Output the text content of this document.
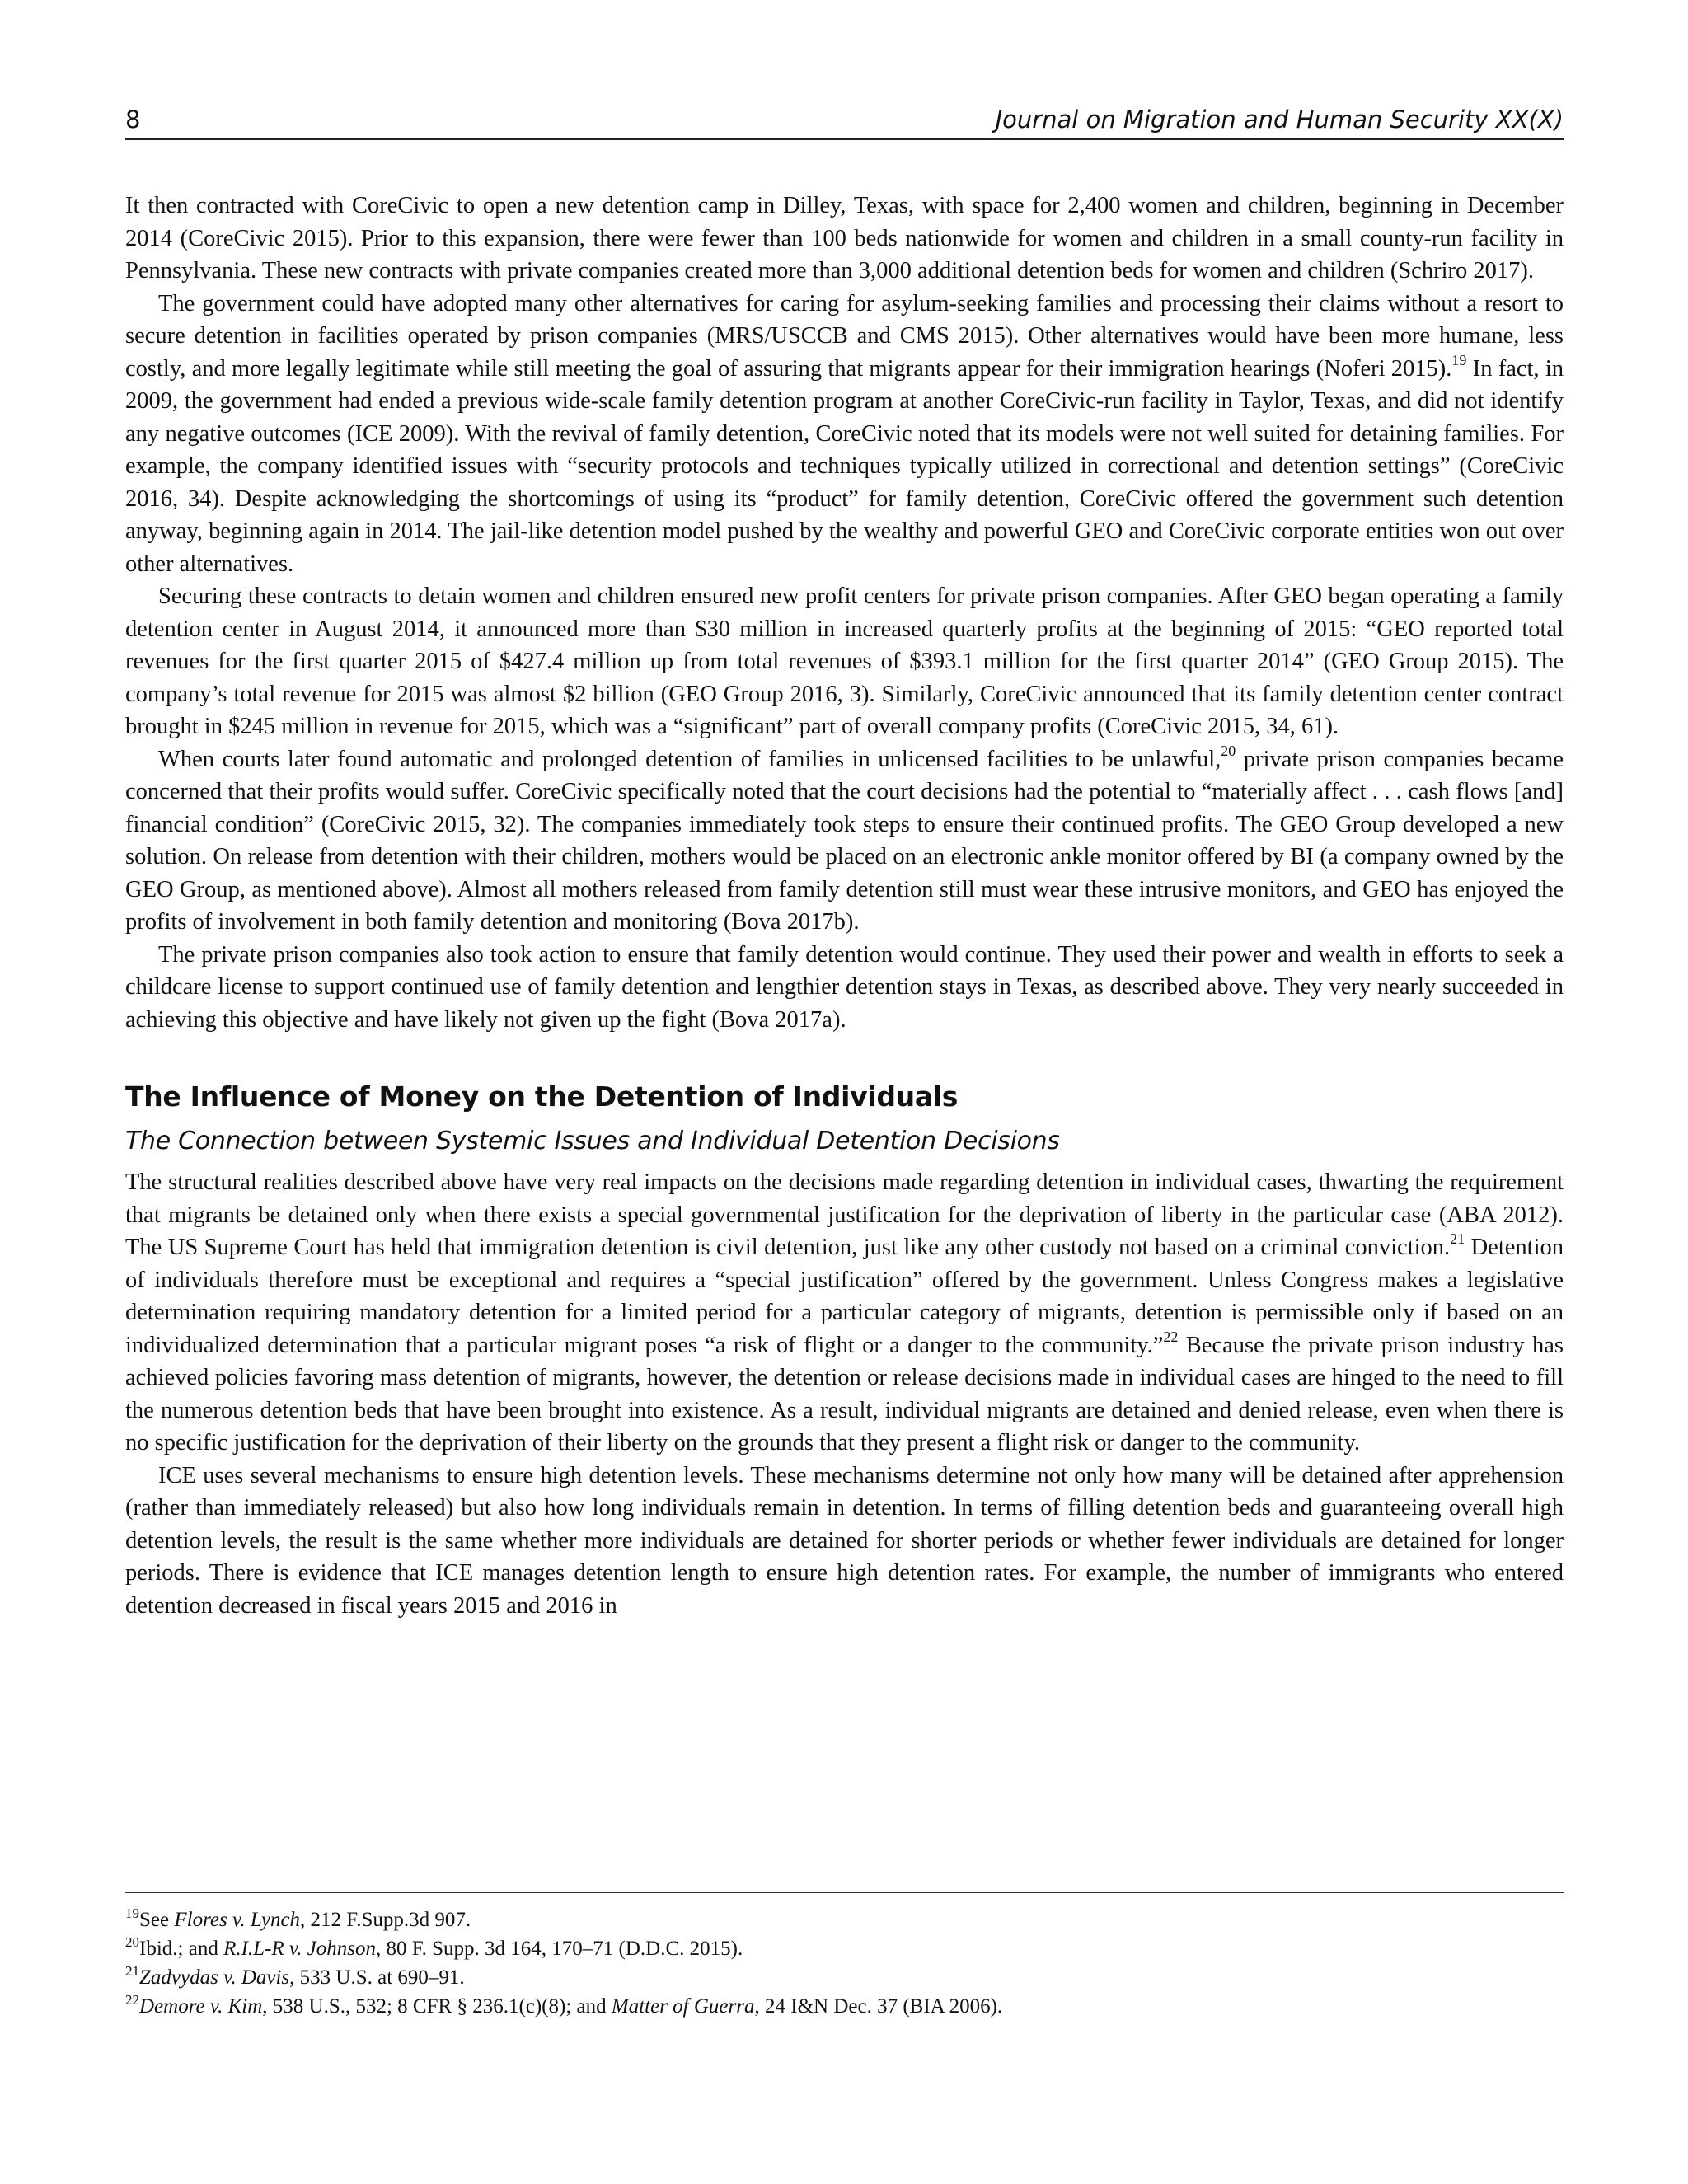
8	Journal on Migration and Human Security XX(X)

It then contracted with CoreCivic to open a new detention camp in Dilley, Texas, with space for 2,400 women and children, beginning in December 2014 (CoreCivic 2015). Prior to this expansion, there were fewer than 100 beds nationwide for women and children in a small county-run facility in Pennsylvania. These new contracts with private companies created more than 3,000 additional detention beds for women and children (Schriro 2017).

The government could have adopted many other alternatives for caring for asylum-seeking families and processing their claims without a resort to secure detention in facilities operated by prison companies (MRS/USCCB and CMS 2015). Other alternatives would have been more humane, less costly, and more legally legitimate while still meeting the goal of assuring that migrants appear for their immigration hearings (Noferi 2015).$^{19}$ In fact, in 2009, the government had ended a previous wide-scale family detention program at another CoreCivic-run facility in Taylor, Texas, and did not identify any negative outcomes (ICE 2009). With the revival of family detention, CoreCivic noted that its models were not well suited for detaining families. For example, the company identified issues with “security protocols and techniques typically utilized in correctional and detention settings” (CoreCivic 2016, 34). Despite acknowledging the shortcomings of using its “product” for family detention, CoreCivic offered the government such detention anyway, beginning again in 2014. The jail-like detention model pushed by the wealthy and powerful GEO and CoreCivic corporate entities won out over other alternatives.

Securing these contracts to detain women and children ensured new profit centers for private prison companies. After GEO began operating a family detention center in August 2014, it announced more than $30 million in increased quarterly profits at the beginning of 2015: “GEO reported total revenues for the first quarter 2015 of $427.4 million up from total revenues of $393.1 million for the first quarter 2014” (GEO Group 2015). The company’s total revenue for 2015 was almost $2 billion (GEO Group 2016, 3). Similarly, CoreCivic announced that its family detention center contract brought in $245 million in revenue for 2015, which was a “significant” part of overall company profits (CoreCivic 2015, 34, 61).

When courts later found automatic and prolonged detention of families in unlicensed facilities to be unlawful,$^{20}$ private prison companies became concerned that their profits would suffer. CoreCivic specifically noted that the court decisions had the potential to “materially affect . . . cash flows [and] financial condition” (CoreCivic 2015, 32). The companies immediately took steps to ensure their continued profits. The GEO Group developed a new solution. On release from detention with their children, mothers would be placed on an electronic ankle monitor offered by BI (a company owned by the GEO Group, as mentioned above). Almost all mothers released from family detention still must wear these intrusive monitors, and GEO has enjoyed the profits of involvement in both family detention and monitoring (Bova 2017b).

The private prison companies also took action to ensure that family detention would continue. They used their power and wealth in efforts to seek a childcare license to support continued use of family detention and lengthier detention stays in Texas, as described above. They very nearly succeeded in achieving this objective and have likely not given up the fight (Bova 2017a).

The Influence of Money on the Detention of Individuals
The Connection between Systemic Issues and Individual Detention Decisions

The structural realities described above have very real impacts on the decisions made regarding detention in individual cases, thwarting the requirement that migrants be detained only when there exists a special governmental justification for the deprivation of liberty in the particular case (ABA 2012). The US Supreme Court has held that immigration detention is civil detention, just like any other custody not based on a criminal conviction.$^{21}$ Detention of individuals therefore must be exceptional and requires a “special justification” offered by the government. Unless Congress makes a legislative determination requiring mandatory detention for a limited period for a particular category of migrants, detention is permissible only if based on an individualized determination that a particular migrant poses “a risk of flight or a danger to the community.”$^{22}$ Because the private prison industry has achieved policies favoring mass detention of migrants, however, the detention or release decisions made in individual cases are hinged to the need to fill the numerous detention beds that have been brought into existence. As a result, individual migrants are detained and denied release, even when there is no specific justification for the deprivation of their liberty on the grounds that they present a flight risk or danger to the community.

ICE uses several mechanisms to ensure high detention levels. These mechanisms determine not only how many will be detained after apprehension (rather than immediately released) but also how long individuals remain in detention. In terms of filling detention beds and guaranteeing overall high detention levels, the result is the same whether more individuals are detained for shorter periods or whether fewer individuals are detained for longer periods. There is evidence that ICE manages detention length to ensure high detention rates. For example, the number of immigrants who entered detention decreased in fiscal years 2015 and 2016 in

$^{19}$See Flores v. Lynch, 212 F.Supp.3d 907.
$^{20}$Ibid.; and R.I.L-R v. Johnson, 80 F. Supp. 3d 164, 170–71 (D.D.C. 2015).
$^{21}$Zadvydas v. Davis, 533 U.S. at 690–91.
$^{22}$Demore v. Kim, 538 U.S., 532; 8 CFR § 236.1(c)(8); and Matter of Guerra, 24 I&N Dec. 37 (BIA 2006).
